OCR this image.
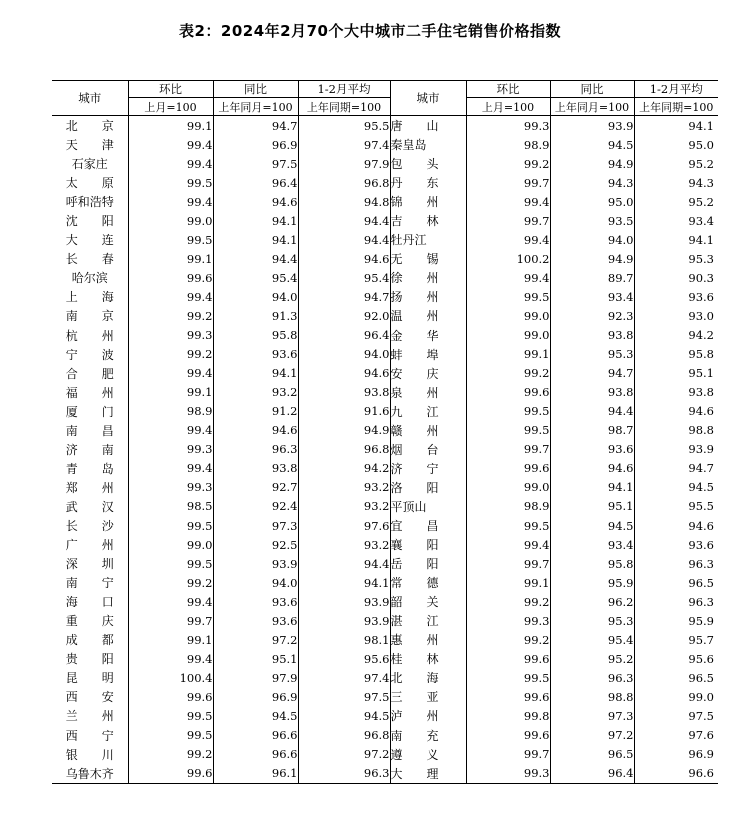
表2：2024年2月70个大中城市二手住宅销售价格指数
城市	环比	同比	1-2月平均	城市	环比	同比	1-2月平均
	上月=100	上年同月=100	上年同期=100		上月=100	上年同月=100	上年同期=100
北　　京	99.1	94.7	95.5	唐　　山	99.3	93.9	94.1
天　　津	99.4	96.9	97.4	秦皇岛	98.9	94.5	95.0
石家庄	99.4	97.5	97.9	包　　头	99.2	94.9	95.2
太　　原	99.5	96.4	96.8	丹　　东	99.7	94.3	94.3
呼和浩特	99.4	94.6	94.8	锦　　州	99.4	95.0	95.2
沈　　阳	99.0	94.1	94.4	吉　　林	99.7	93.5	93.4
大　　连	99.5	94.1	94.4	牡丹江	99.4	94.0	94.1
长　　春	99.1	94.4	94.6	无　　锡	100.2	94.9	95.3
哈尔滨	99.6	95.4	95.4	徐　　州	99.4	89.7	90.3
上　　海	99.4	94.0	94.7	扬　　州	99.5	93.4	93.6
南　　京	99.2	91.3	92.0	温　　州	99.0	92.3	93.0
杭　　州	99.3	95.8	96.4	金　　华	99.0	93.8	94.2
宁　　波	99.2	93.6	94.0	蚌　　埠	99.1	95.3	95.8
合　　肥	99.4	94.1	94.6	安　　庆	99.2	94.7	95.1
福　　州	99.1	93.2	93.8	泉　　州	99.6	93.8	93.8
厦　　门	98.9	91.2	91.6	九　　江	99.5	94.4	94.6
南　　昌	99.4	94.6	94.9	赣　　州	99.5	98.7	98.8
济　　南	99.3	96.3	96.8	烟　　台	99.7	93.6	93.9
青　　岛	99.4	93.8	94.2	济　　宁	99.6	94.6	94.7
郑　　州	99.3	92.7	93.2	洛　　阳	99.0	94.1	94.5
武　　汉	98.5	92.4	93.2	平顶山	98.9	95.1	95.5
长　　沙	99.5	97.3	97.6	宜　　昌	99.5	94.5	94.6
广　　州	99.0	92.5	93.2	襄　　阳	99.4	93.4	93.6
深　　圳	99.5	93.9	94.4	岳　　阳	99.7	95.8	96.3
南　　宁	99.2	94.0	94.1	常　　德	99.1	95.9	96.5
海　　口	99.4	93.6	93.9	韶　　关	99.2	96.2	96.3
重　　庆	99.7	93.6	93.9	湛　　江	99.3	95.3	95.9
成　　都	99.1	97.2	98.1	惠　　州	99.2	95.4	95.7
贵　　阳	99.4	95.1	95.6	桂　　林	99.6	95.2	95.6
昆　　明	100.4	97.9	97.4	北　　海	99.5	96.3	96.5
西　　安	99.6	96.9	97.5	三　　亚	99.6	98.8	99.0
兰　　州	99.5	94.5	94.5	泸　　州	99.8	97.3	97.5
西　　宁	99.5	96.6	96.8	南　　充	99.6	97.2	97.6
银　　川	99.2	96.6	97.2	遵　　义	99.7	96.5	96.9
乌鲁木齐	99.6	96.1	96.3	大　　理	99.3	96.4	96.6
